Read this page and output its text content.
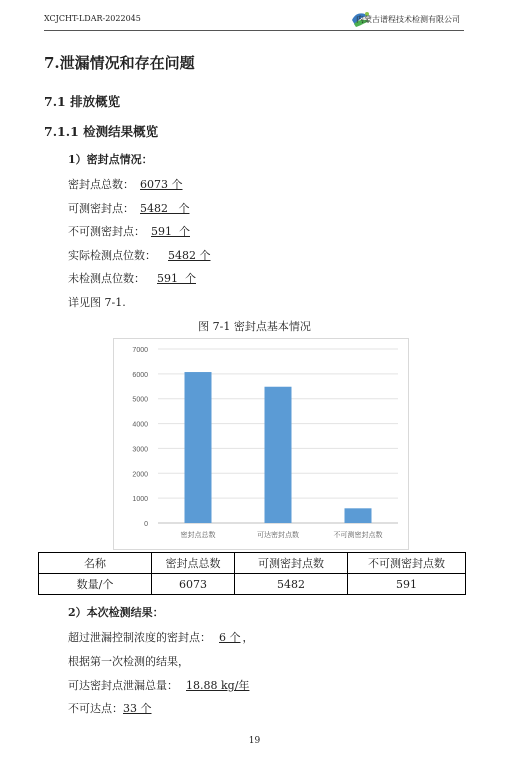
XCJCHT-LDAR-2022045	内蒙古谱程技术检测有限公司
7.泄漏情况和存在问题
7.1 排放概览
7.1.1 检测结果概览
1）密封点情况：
密封点总数： 6073 个
可测密封点： 5482   个
不可测密封点： 591  个
实际检测点位数： 5482 个
未检测点位数： 591  个
详见图 7-1.
图 7-1 密封点基本情况
0
1000
2000
3000
4000
5000
6000
7000
密封点总数	可达密封点数	不可测密封点数
名称	密封点总数	可测密封点数	不可测密封点数
数量/个	6073	5482	591
2）本次检测结果：
超过泄漏控制浓度的密封点： 6 个 ，
根据第一次检测的结果，
可达密封点泄漏总量： 18.88 kg/年
不可达点：33 个
19
